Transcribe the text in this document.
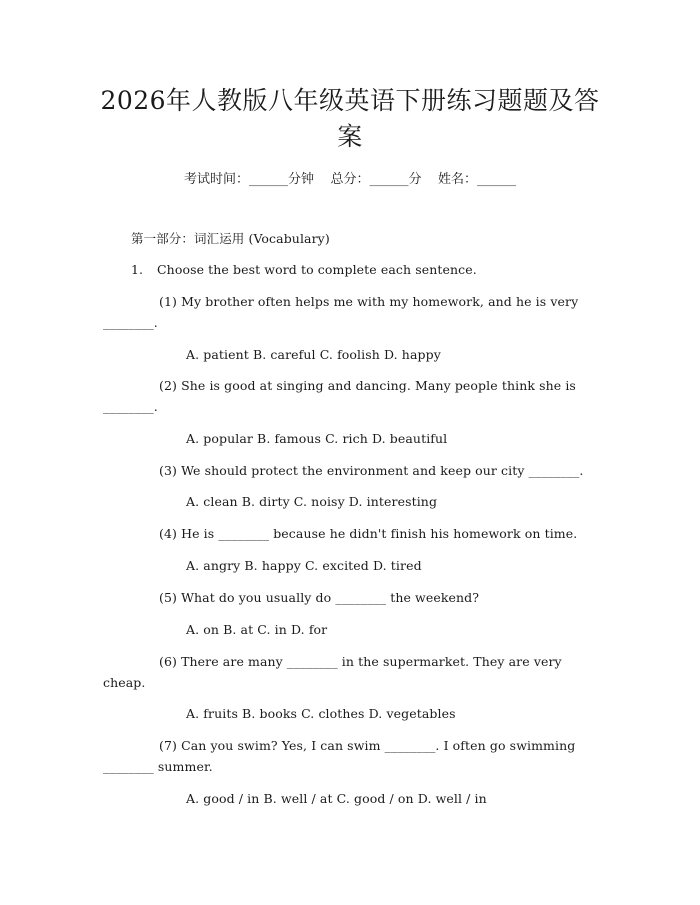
2026年人教版八年级英语下册练习题题及答
案
考试时间：______分钟    总分：______分    姓名：______
第一部分：词汇运用 (Vocabulary)
1. Choose the best word to complete each sentence.
(1) My brother often helps me with my homework, and he is very
________.
A. patient B. careful C. foolish D. happy
(2) She is good at singing and dancing. Many people think she is
________.
A. popular B. famous C. rich D. beautiful
(3) We should protect the environment and keep our city ________.
A. clean B. dirty C. noisy D. interesting
(4) He is ________ because he didn't finish his homework on time.
A. angry B. happy C. excited D. tired
(5) What do you usually do ________ the weekend?
A. on B. at C. in D. for
(6) There are many ________ in the supermarket. They are very
cheap.
A. fruits B. books C. clothes D. vegetables
(7) Can you swim? Yes, I can swim ________. I often go swimming
________ summer.
A. good / in B. well / at C. good / on D. well / in
